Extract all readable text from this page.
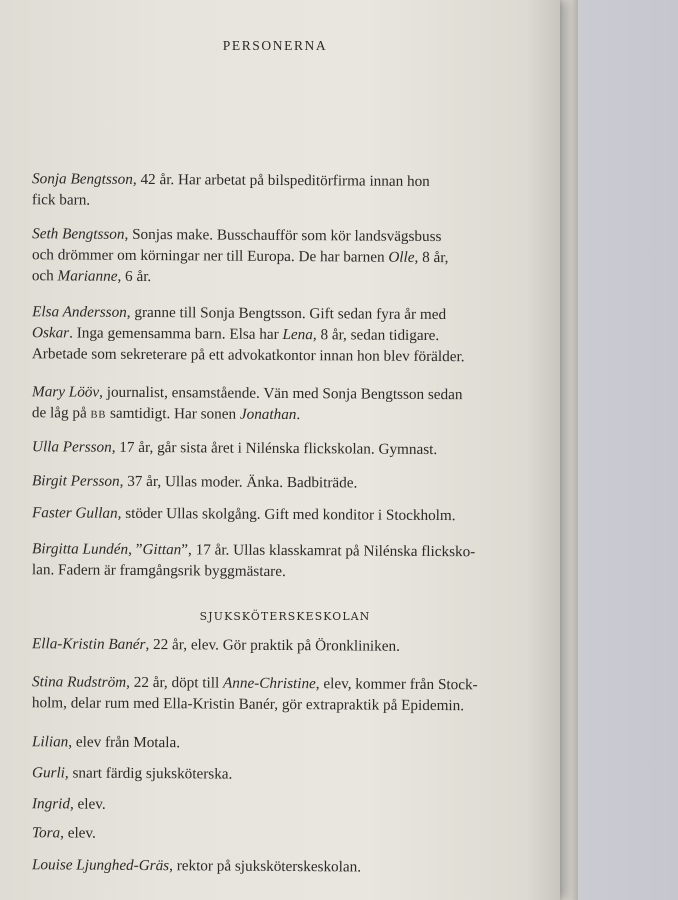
PERSONERNA

Sonja Bengtsson, 42 år. Har arbetat på bilspeditörfirma innan hon
fick barn.

Seth Bengtsson, Sonjas make. Busschaufför som kör landsvägsbuss
och drömmer om körningar ner till Europa. De har barnen Olle, 8 år,
och Marianne, 6 år.

Elsa Andersson, granne till Sonja Bengtsson. Gift sedan fyra år med
Oskar. Inga gemensamma barn. Elsa har Lena, 8 år, sedan tidigare.
Arbetade som sekreterare på ett advokatkontor innan hon blev förälder.

Mary Lööv, journalist, ensamstående. Vän med Sonja Bengtsson sedan
de låg på BB samtidigt. Har sonen Jonathan.

Ulla Persson, 17 år, går sista året i Nilénska flickskolan. Gymnast.

Birgit Persson, 37 år, Ullas moder. Änka. Badbiträde.

Faster Gullan, stöder Ullas skolgång. Gift med konditor i Stockholm.

Birgitta Lundén, ”Gittan”, 17 år. Ullas klasskamrat på Nilénska flicksko-
lan. Fadern är framgångsrik byggmästare.

Ella-Kristin Banér, 22 år, elev. Gör praktik på Öronkliniken.

Stina Rudström, 22 år, döpt till Anne-Christine, elev, kommer från Stock-
holm, delar rum med Ella-Kristin Banér, gör extrapraktik på Epidemin.

Lilian, elev från Motala.

Gurli, snart färdig sjuksköterska.

Ingrid, elev.

Tora, elev.

Louise Ljunghed-Gräs, rektor på sjuksköterskeskolan.

SJUKSKÖTERSKESKOLAN
